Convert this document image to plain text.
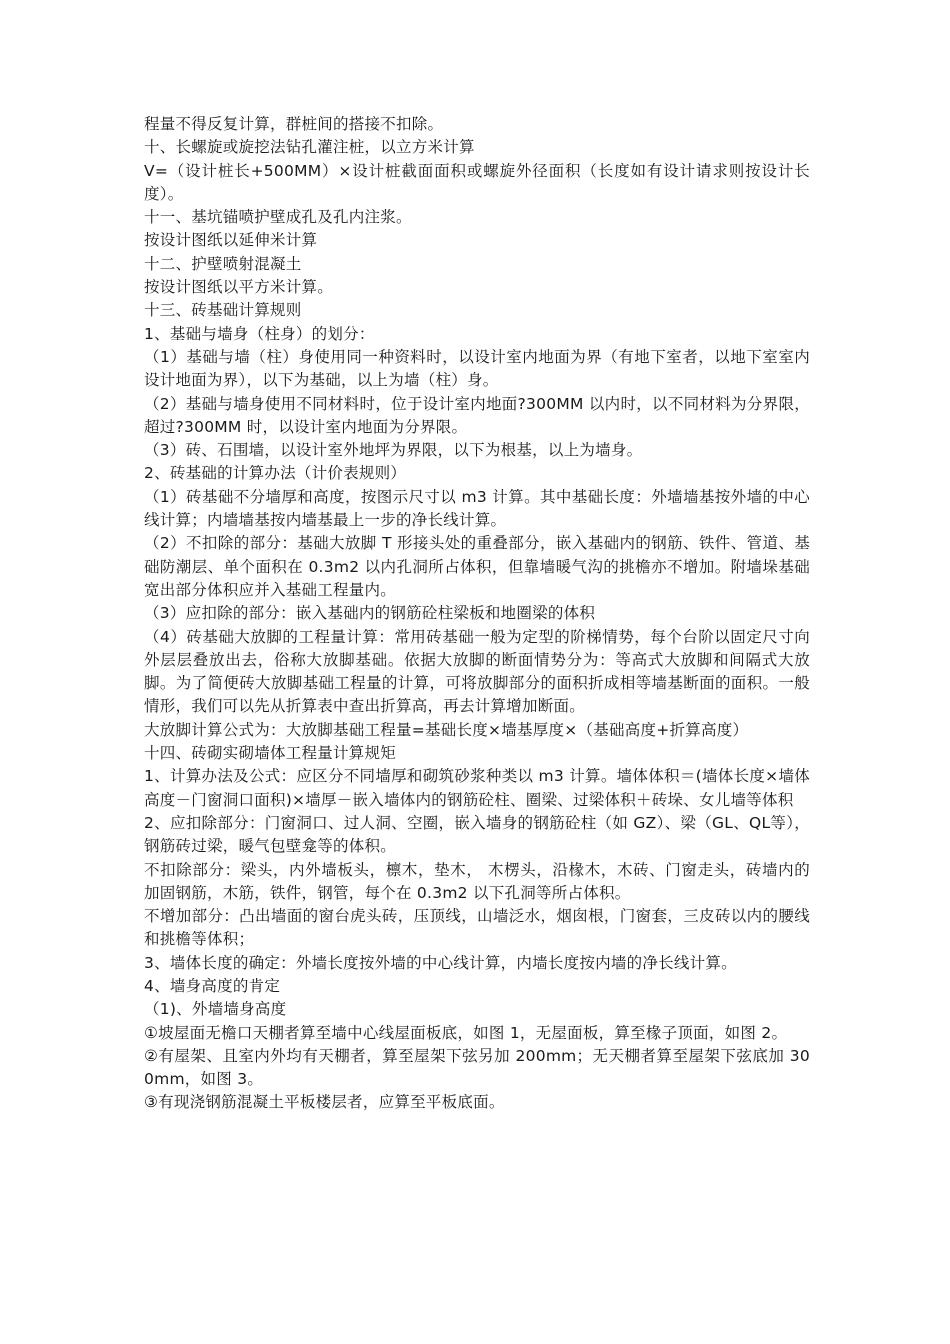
程量不得反复计算，群桩间的搭接不扣除。

十、长螺旋或旋挖法钻孔灌注桩，以立方米计算

V=（设计桩长+500MM）×设计桩截面面积或螺旋外径面积（长度如有设计请求则按设计长度）。

十一、基坑锚喷护壁成孔及孔内注浆。

按设计图纸以延伸米计算

十二、护壁喷射混凝土

按设计图纸以平方米计算。

十三、砖基础计算规则

1、基础与墙身（柱身）的划分：

（1）基础与墙（柱）身使用同一种资料时，以设计室内地面为界（有地下室者，以地下室室内设计地面为界），以下为基础，以上为墙（柱）身。

（2）基础与墙身使用不同材料时，位于设计室内地面?300MM 以内时，以不同材料为分界限，超过?300MM 时，以设计室内地面为分界限。

（3）砖、石围墙，以设计室外地坪为界限，以下为根基，以上为墙身。

2、砖基础的计算办法（计价表规则）

（1）砖基础不分墙厚和高度，按图示尺寸以 m3 计算。其中基础长度：外墙墙基按外墙的中心线计算；内墙墙基按内墙基最上一步的净长线计算。

（2）不扣除的部分：基础大放脚 T 形接头处的重叠部分，嵌入基础内的钢筋、铁件、管道、基础防潮层、单个面积在 0.3m2 以内孔洞所占体积，但靠墙暖气沟的挑檐亦不增加。附墙垛基础宽出部分体积应并入基础工程量内。

（3）应扣除的部分：嵌入基础内的钢筋砼柱梁板和地圈梁的体积

（4）砖基础大放脚的工程量计算：常用砖基础一般为定型的阶梯情势，每个台阶以固定尺寸向外层层叠放出去，俗称大放脚基础。依据大放脚的断面情势分为：等高式大放脚和间隔式大放脚。为了简便砖大放脚基础工程量的计算，可将放脚部分的面积折成相等墙基断面的面积。一般情形，我们可以先从折算表中查出折算高，再去计算增加断面。

大放脚计算公式为：大放脚基础工程量=基础长度×墙基厚度×（基础高度+折算高度）

十四、砖砌实砌墙体工程量计算规矩

1、计算办法及公式：应区分不同墙厚和砌筑砂浆种类以 m3 计算。墙体体积＝(墙体长度×墙体高度－门窗洞口面积)×墙厚－嵌入墙体内的钢筋砼柱、圈梁、过梁体积＋砖垛、女儿墙等体积

2、应扣除部分：门窗洞口、过人洞、空圈，嵌入墙身的钢筋砼柱（如 GZ）、梁（GL、QL等）， 钢筋砖过梁，暖气包壁龛等的体积。

不扣除部分：梁头，内外墙板头，檩木，垫木， 木楞头，沿椽木，木砖、门窗走头，砖墙内的加固钢筋，木筋，铁件，钢管，每个在 0.3m2 以下孔洞等所占体积。

不增加部分：凸出墙面的窗台虎头砖，压顶线，山墙泛水，烟囱根，门窗套，三皮砖以内的腰线和挑檐等体积；

3、墙体长度的确定：外墙长度按外墙的中心线计算，内墙长度按内墙的净长线计算。

4、墙身高度的肯定

（1)、外墙墙身高度

①坡屋面无檐口天棚者算至墙中心线屋面板底，如图 1，无屋面板，算至椽子顶面，如图 2。

②有屋架、且室内外均有天棚者，算至屋架下弦另加 200mm；无天棚者算至屋架下弦底加 300mm，如图 3。

③有现浇钢筋混凝土平板楼层者，应算至平板底面。
